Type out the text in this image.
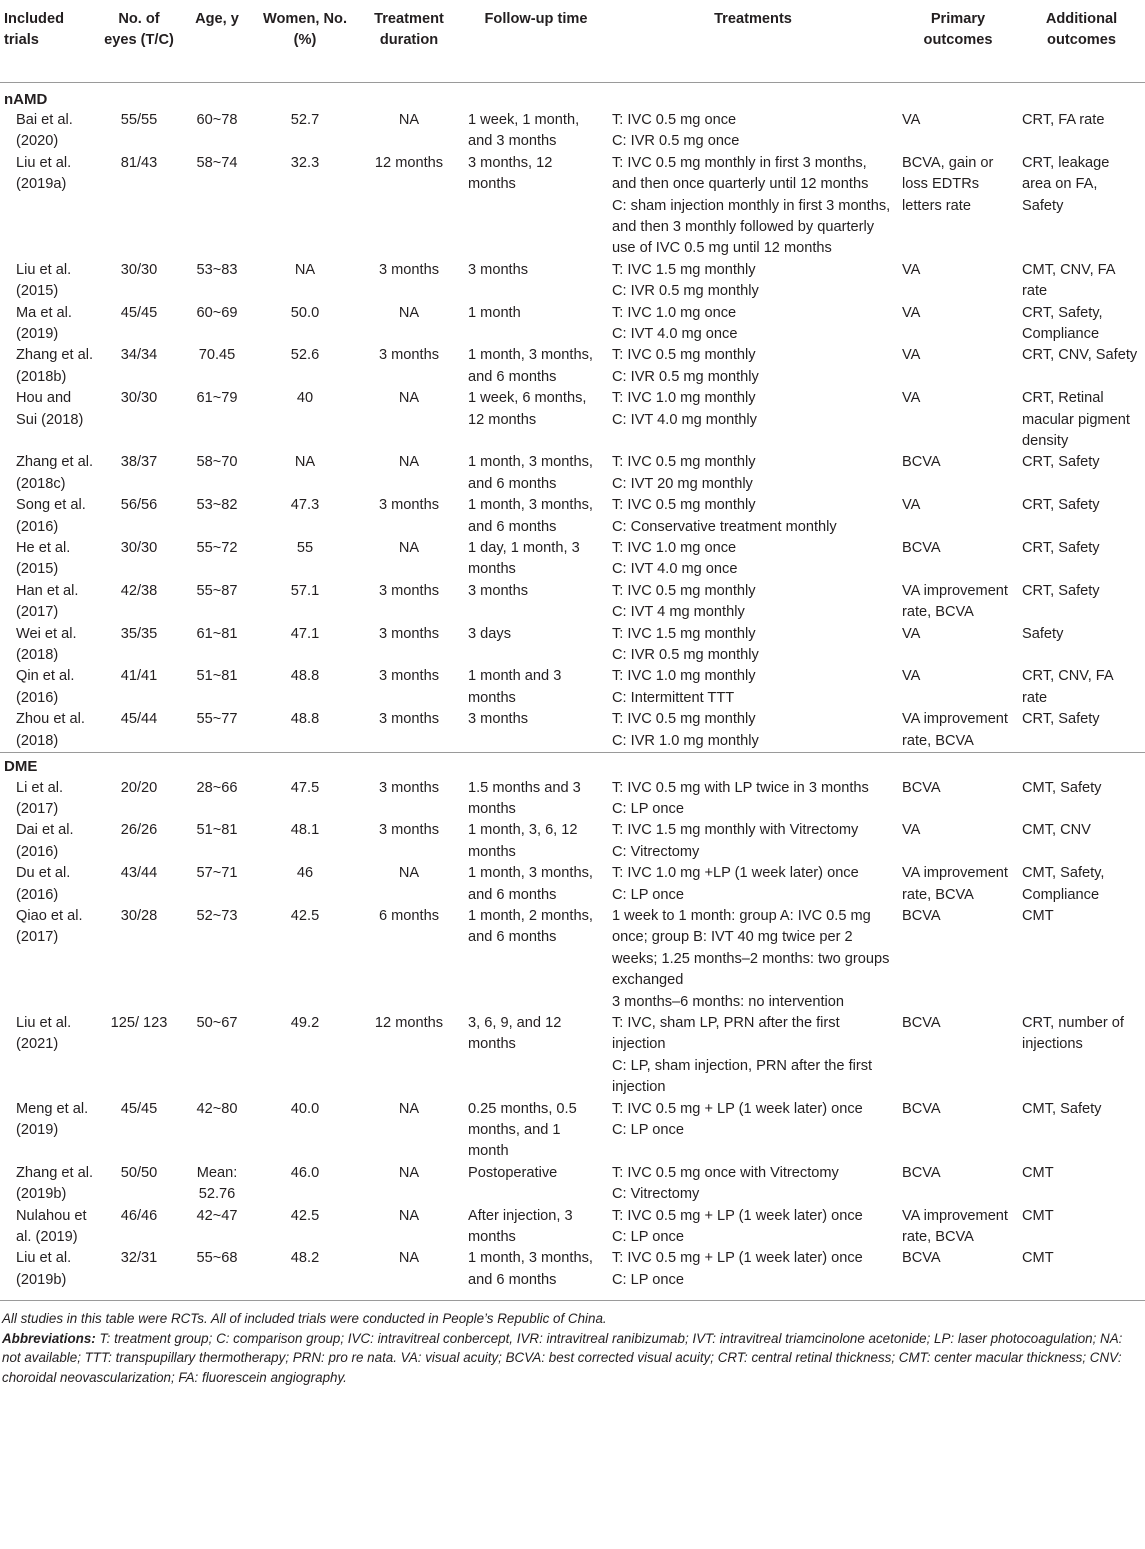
Included trials	No. of eyes (T/C)	Age, y	Women, No. (%)	Treatment duration	Follow-up time	Treatments	Primary outcomes	Additional outcomes
nAMD								
Bai et al. (2020)	55/55	60~78	52.7	NA	1 week, 1 month, and 3 months	T: IVC 0.5 mg once
C: IVR 0.5 mg once	VA	CRT, FA rate
Liu et al. (2019a)	81/43	58~74	32.3	12 months	3 months, 12 months	T: IVC 0.5 mg monthly in first 3 months, and then once quarterly until 12 months
C: sham injection monthly in first 3 months, and then 3 monthly followed by quarterly use of IVC 0.5 mg until 12 months	BCVA, gain or loss EDTRs letters rate	CRT, leakage area on FA, Safety
Liu et al. (2015)	30/30	53~83	NA	3 months	3 months	T: IVC 1.5 mg monthly
C: IVR 0.5 mg monthly	VA	CMT, CNV, FA rate
Ma et al. (2019)	45/45	60~69	50.0	NA	1 month	T: IVC 1.0 mg once
C: IVT 4.0 mg once	VA	CRT, Safety, Compliance
Zhang et al. (2018b)	34/34	70.45	52.6	3 months	1 month, 3 months, and 6 months	T: IVC 0.5 mg monthly
C: IVR 0.5 mg monthly	VA	CRT, CNV, Safety
Hou and Sui (2018)	30/30	61~79	40	NA	1 week, 6 months, 12 months	T: IVC 1.0 mg monthly
C: IVT 4.0 mg monthly	VA	CRT, Retinal macular pigment density
Zhang et al. (2018c)	38/37	58~70	NA	NA	1 month, 3 months, and 6 months	T: IVC 0.5 mg monthly
C: IVT 20 mg monthly	BCVA	CRT, Safety
Song et al. (2016)	56/56	53~82	47.3	3 months	1 month, 3 months, and 6 months	T: IVC 0.5 mg monthly
C: Conservative treatment monthly	VA	CRT, Safety
He et al. (2015)	30/30	55~72	55	NA	1 day, 1 month, 3 months	T: IVC 1.0 mg once
C: IVT 4.0 mg once	BCVA	CRT, Safety
Han et al. (2017)	42/38	55~87	57.1	3 months	3 months	T: IVC 0.5 mg monthly
C: IVT 4 mg monthly	VA improvement rate, BCVA	CRT, Safety
Wei et al. (2018)	35/35	61~81	47.1	3 months	3 days	T: IVC 1.5 mg monthly
C: IVR 0.5 mg monthly	VA	Safety
Qin et al. (2016)	41/41	51~81	48.8	3 months	1 month and 3 months	T: IVC 1.0 mg monthly
C: Intermittent TTT	VA	CRT, CNV, FA rate
Zhou et al. (2018)	45/44	55~77	48.8	3 months	3 months	T: IVC 0.5 mg monthly
C: IVR 1.0 mg monthly	VA improvement rate, BCVA	CRT, Safety
DME								
Li et al. (2017)	20/20	28~66	47.5	3 months	1.5 months and 3 months	T: IVC 0.5 mg with LP twice in 3 months
C: LP once	BCVA	CMT, Safety
Dai et al. (2016)	26/26	51~81	48.1	3 months	1 month, 3, 6, 12 months	T: IVC 1.5 mg monthly with Vitrectomy
C: Vitrectomy	VA	CMT, CNV
Du et al. (2016)	43/44	57~71	46	NA	1 month, 3 months, and 6 months	T: IVC 1.0 mg +LP (1 week later) once
C: LP once	VA improvement rate, BCVA	CMT, Safety, Compliance
Qiao et al. (2017)	30/28	52~73	42.5	6 months	1 month, 2 months, and 6 months	1 week to 1 month: group A: IVC 0.5 mg once; group B: IVT 40 mg twice per 2 weeks; 1.25 months–2 months: two groups exchanged
3 months–6 months: no intervention	BCVA	CMT
Liu et al. (2021)	125/ 123	50~67	49.2	12 months	3, 6, 9, and 12 months	T: IVC, sham LP, PRN after the first injection
C: LP, sham injection, PRN after the first injection	BCVA	CRT, number of injections
Meng et al. (2019)	45/45	42~80	40.0	NA	0.25 months, 0.5 months, and 1 month	T: IVC 0.5 mg + LP (1 week later) once
C: LP once	BCVA	CMT, Safety
Zhang et al. (2019b)	50/50	Mean: 52.76	46.0	NA	Postoperative	T: IVC 0.5 mg once with Vitrectomy
C: Vitrectomy	BCVA	CMT
Nulahou et al. (2019)	46/46	42~47	42.5	NA	After injection, 3 months	T: IVC 0.5 mg + LP (1 week later) once
C: LP once	VA improvement rate, BCVA	CMT
Liu et al. (2019b)	32/31	55~68	48.2	NA	1 month, 3 months, and 6 months	T: IVC 0.5 mg + LP (1 week later) once
C: LP once	BCVA	CMT

All studies in this table were RCTs. All of included trials were conducted in People’s Republic of China.

Abbreviations: T: treatment group; C: comparison group; IVC: intravitreal conbercept, IVR: intravitreal ranibizumab; IVT: intravitreal triamcinolone acetonide; LP: laser photocoagulation; NA: not available; TTT: transpupillary thermotherapy; PRN: pro re nata. VA: visual acuity; BCVA: best corrected visual acuity; CRT: central retinal thickness; CMT: center macular thickness; CNV: choroidal neovascularization; FA: fluorescein angiography.
